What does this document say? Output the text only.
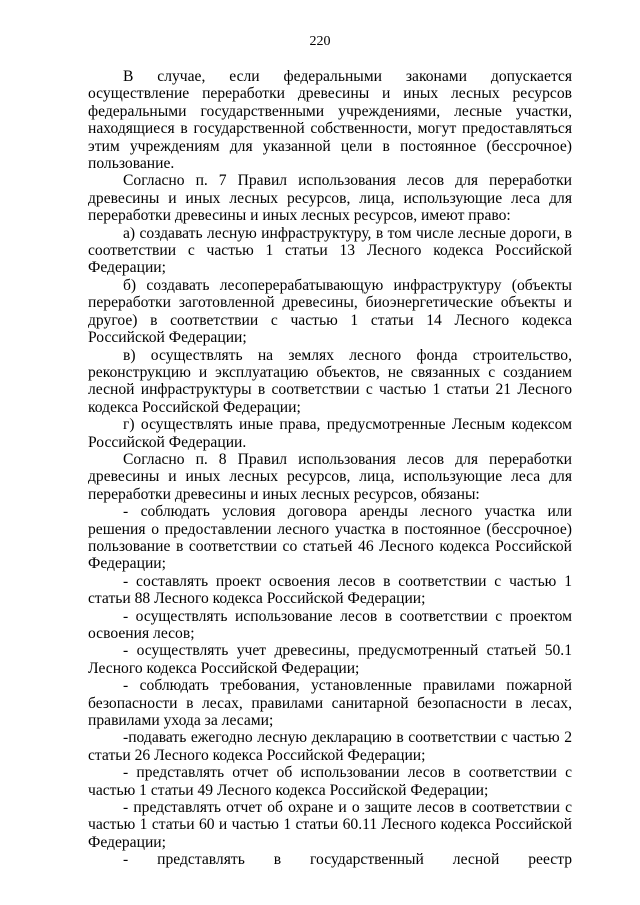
220

В случае, если федеральными законами допускается осуществление переработки древесины и иных лесных ресурсов федеральными государственными учреждениями, лесные участки, находящиеся в государственной собственности, могут предоставляться этим учреждениям для указанной цели в постоянное (бессрочное) пользование.

Согласно п. 7 Правил использования лесов для переработки древесины и иных лесных ресурсов, лица, использующие леса для переработки древесины и иных лесных ресурсов, имеют право:

а) создавать лесную инфраструктуру, в том числе лесные дороги, в соответствии с частью 1 статьи 13 Лесного кодекса Российской Федерации;

б) создавать лесоперерабатывающую инфраструктуру (объекты переработки заготовленной древесины, биоэнергетические объекты и другое) в соответствии с частью 1 статьи 14 Лесного кодекса Российской Федерации;

в) осуществлять на землях лесного фонда строительство, реконструкцию и эксплуатацию объектов, не связанных с созданием лесной инфраструктуры в соответствии с частью 1 статьи 21 Лесного кодекса Российской Федерации;

г) осуществлять иные права, предусмотренные Лесным кодексом Российской Федерации.

Согласно п. 8 Правил использования лесов для переработки древесины и иных лесных ресурсов, лица, использующие леса для переработки древесины и иных лесных ресурсов, обязаны:

- соблюдать условия договора аренды лесного участка или решения о предоставлении лесного участка в постоянное (бессрочное) пользование в соответствии со статьей 46 Лесного кодекса Российской Федерации;

- составлять проект освоения лесов в соответствии с частью 1 статьи 88 Лесного кодекса Российской Федерации;

- осуществлять использование лесов в соответствии с проектом освоения лесов;

- осуществлять учет древесины, предусмотренный статьей 50.1 Лесного кодекса Российской Федерации;

- соблюдать требования, установленные правилами пожарной безопасности в лесах, правилами санитарной безопасности в лесах, правилами ухода за лесами;

-подавать ежегодно лесную декларацию в соответствии с частью 2 статьи 26 Лесного кодекса Российской Федерации;

- представлять отчет об использовании лесов в соответствии с частью 1 статьи 49 Лесного кодекса Российской Федерации;

- представлять отчет об охране и о защите лесов в соответствии с частью 1 статьи 60 и частью 1 статьи 60.11 Лесного кодекса Российской Федерации;

- представлять в государственный лесной реестр
